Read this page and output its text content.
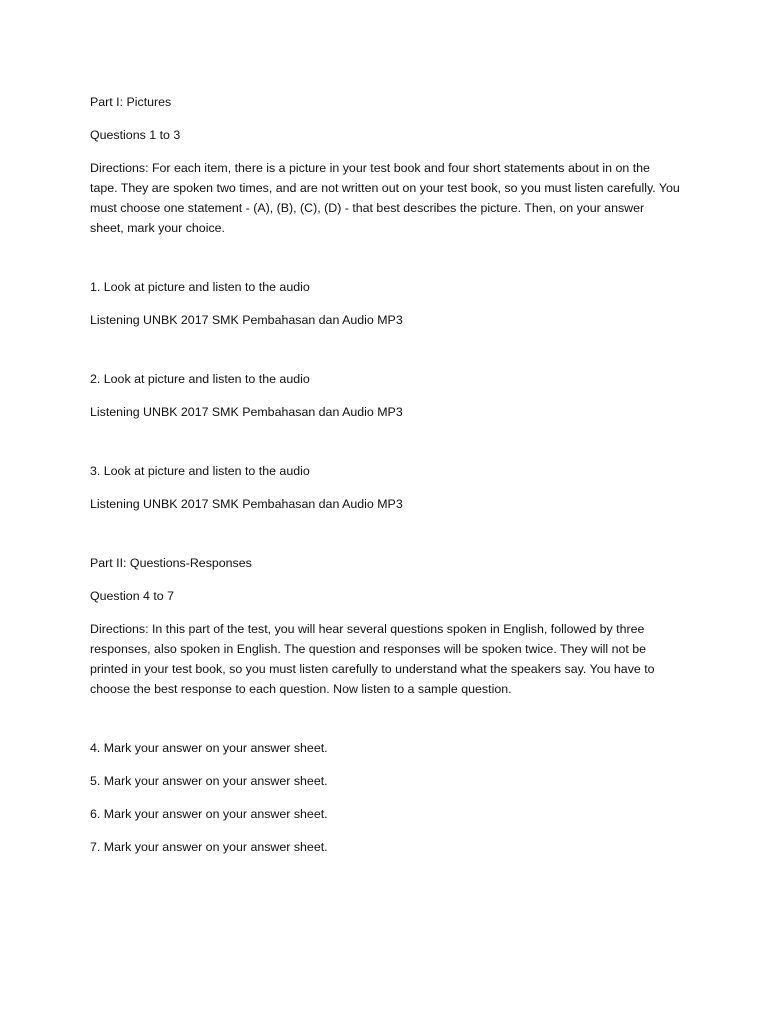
Part I: Pictures

Questions 1 to 3

Directions: For each item, there is a picture in your test book and four short statements about in on the tape. They are spoken two times, and are not written out on your test book, so you must listen carefully. You must choose one statement - (A), (B), (C), (D) - that best describes the picture. Then, on your answer sheet, mark your choice.

1. Look at picture and listen to the audio

Listening UNBK 2017 SMK Pembahasan dan Audio MP3

2. Look at picture and listen to the audio

Listening UNBK 2017 SMK Pembahasan dan Audio MP3

3. Look at picture and listen to the audio

Listening UNBK 2017 SMK Pembahasan dan Audio MP3

Part II: Questions-Responses

Question 4 to 7

Directions: In this part of the test, you will hear several questions spoken in English, followed by three responses, also spoken in English. The question and responses will be spoken twice. They will not be printed in your test book, so you must listen carefully to understand what the speakers say. You have to choose the best response to each question. Now listen to a sample question.

4. Mark your answer on your answer sheet.

5. Mark your answer on your answer sheet.

6. Mark your answer on your answer sheet.

7. Mark your answer on your answer sheet.
